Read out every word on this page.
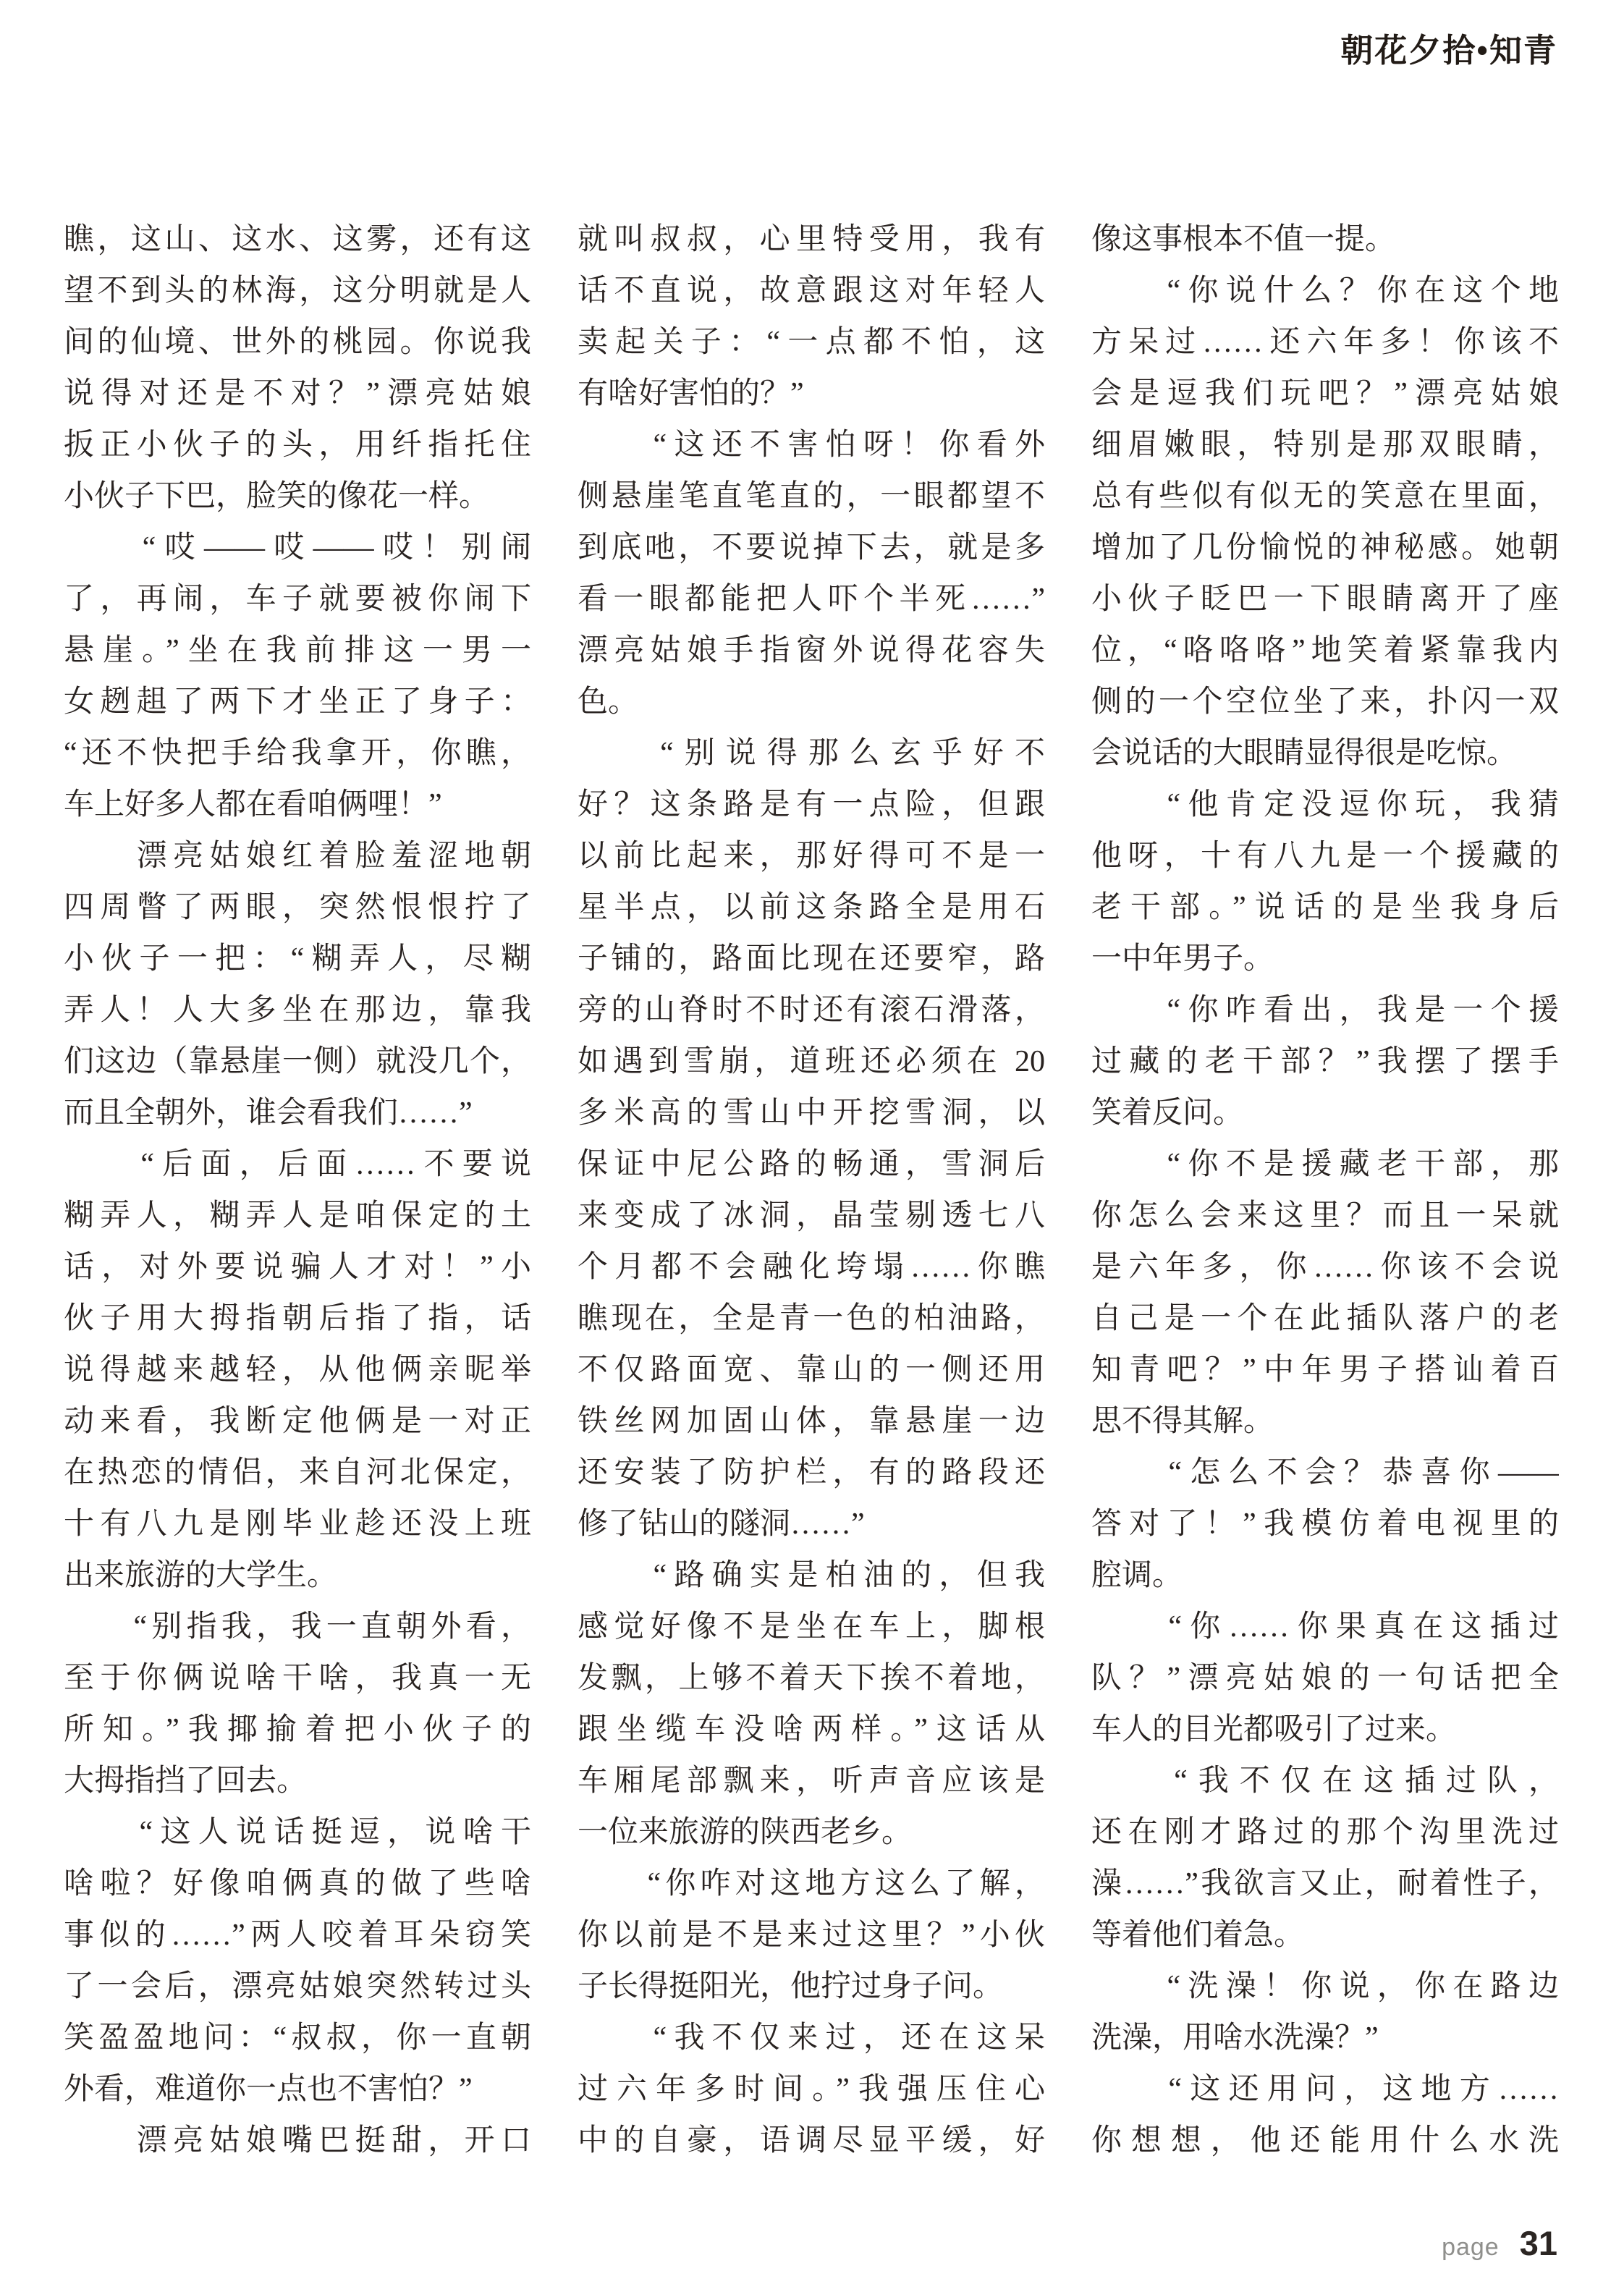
朝花夕拾•知青
瞧，这山、这水、这雾，还有这
望不到头的林海，这分明就是人
间的仙境、世外的桃园。你说我
说得对还是不对？”漂亮姑娘
扳正小伙子的头，用纤指托住
小伙子下巴，脸笑的像花一样。
　　“哎——哎——哎！别闹
了，再闹，车子就要被你闹下
悬崖。”坐在我前排这一男一
女趔趄了两下才坐正了身子：
“还不快把手给我拿开，你瞧，
车上好多人都在看咱俩哩！”
　　漂亮姑娘红着脸羞涩地朝
四周瞥了两眼，突然恨恨拧了
小伙子一把：“糊弄人，尽糊
弄人！人大多坐在那边，靠我
们这边（靠悬崖一侧）就没几个，
而且全朝外，谁会看我们……”
　　“后面，后面……不要说
糊弄人，糊弄人是咱保定的土
话，对外要说骗人才对！”小
伙子用大拇指朝后指了指，话
说得越来越轻，从他俩亲昵举
动来看，我断定他俩是一对正
在热恋的情侣，来自河北保定，
十有八九是刚毕业趁还没上班
出来旅游的大学生。
　　“别指我，我一直朝外看，
至于你俩说啥干啥，我真一无
所知。”我揶揄着把小伙子的
大拇指挡了回去。
　　“这人说话挺逗，说啥干
啥啦？好像咱俩真的做了些啥
事似的……”两人咬着耳朵窃笑
了一会后，漂亮姑娘突然转过头
笑盈盈地问：“叔叔，你一直朝
外看，难道你一点也不害怕？”
　　漂亮姑娘嘴巴挺甜，开口
就叫叔叔，心里特受用，我有
话不直说，故意跟这对年轻人
卖起关子：“一点都不怕，这
有啥好害怕的？”
　　“这还不害怕呀！你看外
侧悬崖笔直笔直的，一眼都望不
到底吔，不要说掉下去，就是多
看一眼都能把人吓个半死……”
漂亮姑娘手指窗外说得花容失
色。
　　“别说得那么玄乎好不
好？这条路是有一点险，但跟
以前比起来，那好得可不是一
星半点，以前这条路全是用石
子铺的，路面比现在还要窄，路
旁的山脊时不时还有滚石滑落，
如遇到雪崩，道班还必须在 20
多米高的雪山中开挖雪洞，以
保证中尼公路的畅通，雪洞后
来变成了冰洞，晶莹剔透七八
个月都不会融化垮塌……你瞧
瞧现在，全是青一色的柏油路，
不仅路面宽、靠山的一侧还用
铁丝网加固山体，靠悬崖一边
还安装了防护栏，有的路段还
修了钻山的隧洞……”
　　“路确实是柏油的，但我
感觉好像不是坐在车上，脚根
发飘，上够不着天下挨不着地，
跟坐缆车没啥两样。”这话从
车厢尾部飘来，听声音应该是
一位来旅游的陕西老乡。
　　“你咋对这地方这么了解，
你以前是不是来过这里？”小伙
子长得挺阳光，他拧过身子问。
　　“我不仅来过，还在这呆
过六年多时间。”我强压住心
中的自豪，语调尽显平缓，好
像这事根本不值一提。
　　“你说什么？你在这个地
方呆过……还六年多！你该不
会是逗我们玩吧？”漂亮姑娘
细眉嫩眼，特别是那双眼睛，
总有些似有似无的笑意在里面，
增加了几份愉悦的神秘感。她朝
小伙子眨巴一下眼睛离开了座
位，“咯咯咯”地笑着紧靠我内
侧的一个空位坐了来，扑闪一双
会说话的大眼睛显得很是吃惊。
　　“他肯定没逗你玩，我猜
他呀，十有八九是一个援藏的
老干部。”说话的是坐我身后
一中年男子。
　　“你咋看出，我是一个援
过藏的老干部？”我摆了摆手
笑着反问。
　　“你不是援藏老干部，那
你怎么会来这里？而且一呆就
是六年多，你……你该不会说
自己是一个在此插队落户的老
知青吧？”中年男子搭讪着百
思不得其解。
　　“怎么不会？恭喜你——
答对了！”我模仿着电视里的
腔调。
　　“你……你果真在这插过
队？”漂亮姑娘的一句话把全
车人的目光都吸引了过来。
　　“我不仅在这插过队，
还在刚才路过的那个沟里洗过
澡……”我欲言又止，耐着性子，
等着他们着急。
　　“洗澡！你说，你在路边
洗澡，用啥水洗澡？”
　　“这还用问，这地方……
你想想，他还能用什么水洗
page 31
